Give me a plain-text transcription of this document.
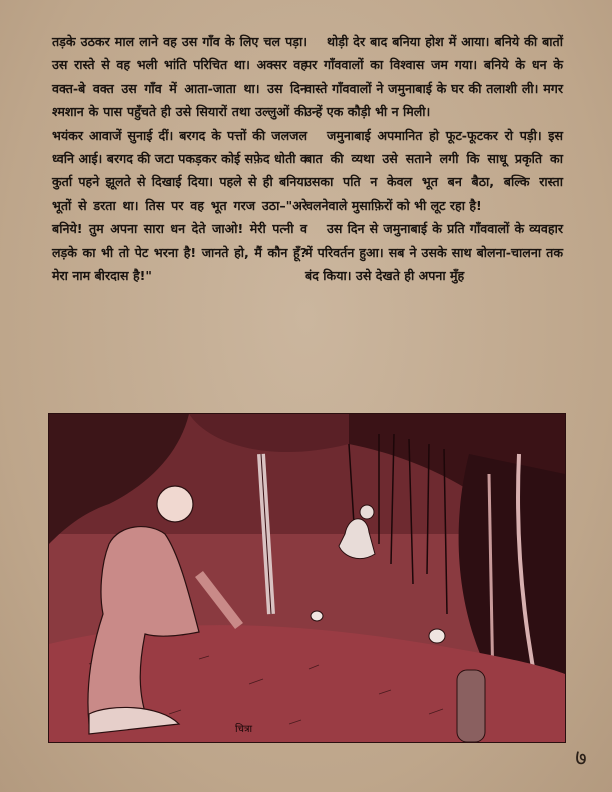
तड़के उठकर माल लाने वह उस गाँव के लिए चल पड़ा। उस रास्ते से वह भली भांति परिचित था। अक्सर वह वक्त-बे वक्त उस गाँव में आता-जाता था। उस दिन श्मशान के पास पहुँचते ही उसे सियारों तथा उल्लुओं की भयंकर आवाजें सुनाई दीं। बरगद के पत्तों की जलजल ध्वनि आई। बरगद की जटा पकड़कर कोई सफ़ेद धोती व कुर्ता पहने झूलते से दिखाई दिया। पहले से ही बनिया भूतों से डरता था। तिस पर वह भूत गरज उठा–"अरे बनिये! तुम अपना सारा धन देते जाओ! मेरी पत्नी व लड़के का भी तो पेट भरना है! जानते हो, मैं कौन हूँ? मेरा नाम बीरदास है!"

थोड़ी देर बाद बनिया होश में आया। बनिये की बातों पर गाँववालों का विश्वास जम गया। बनिये के धन के वास्ते गाँववालों ने जमुनाबाई के घर की तलाशी ली। मगर उन्हें एक कौड़ी भी न मिली।

जमुनाबाई अपमानित हो फूट-फूटकर रो पड़ी। इस बात की व्यथा उसे सताने लगी कि साधू प्रकृति का उसका पति न केवल भूत बन बैठा, बल्कि रास्ता चलनेवाले मुसाफ़िरों को भी लूट रहा है!

उस दिन से जमुनाबाई के प्रति गाँववालों के व्यवहार में परिवर्तन हुआ। सब ने उसके साथ बोलना-चालना तक बंद किया। उसे देखते ही अपना मुँह

चित्रा
७
